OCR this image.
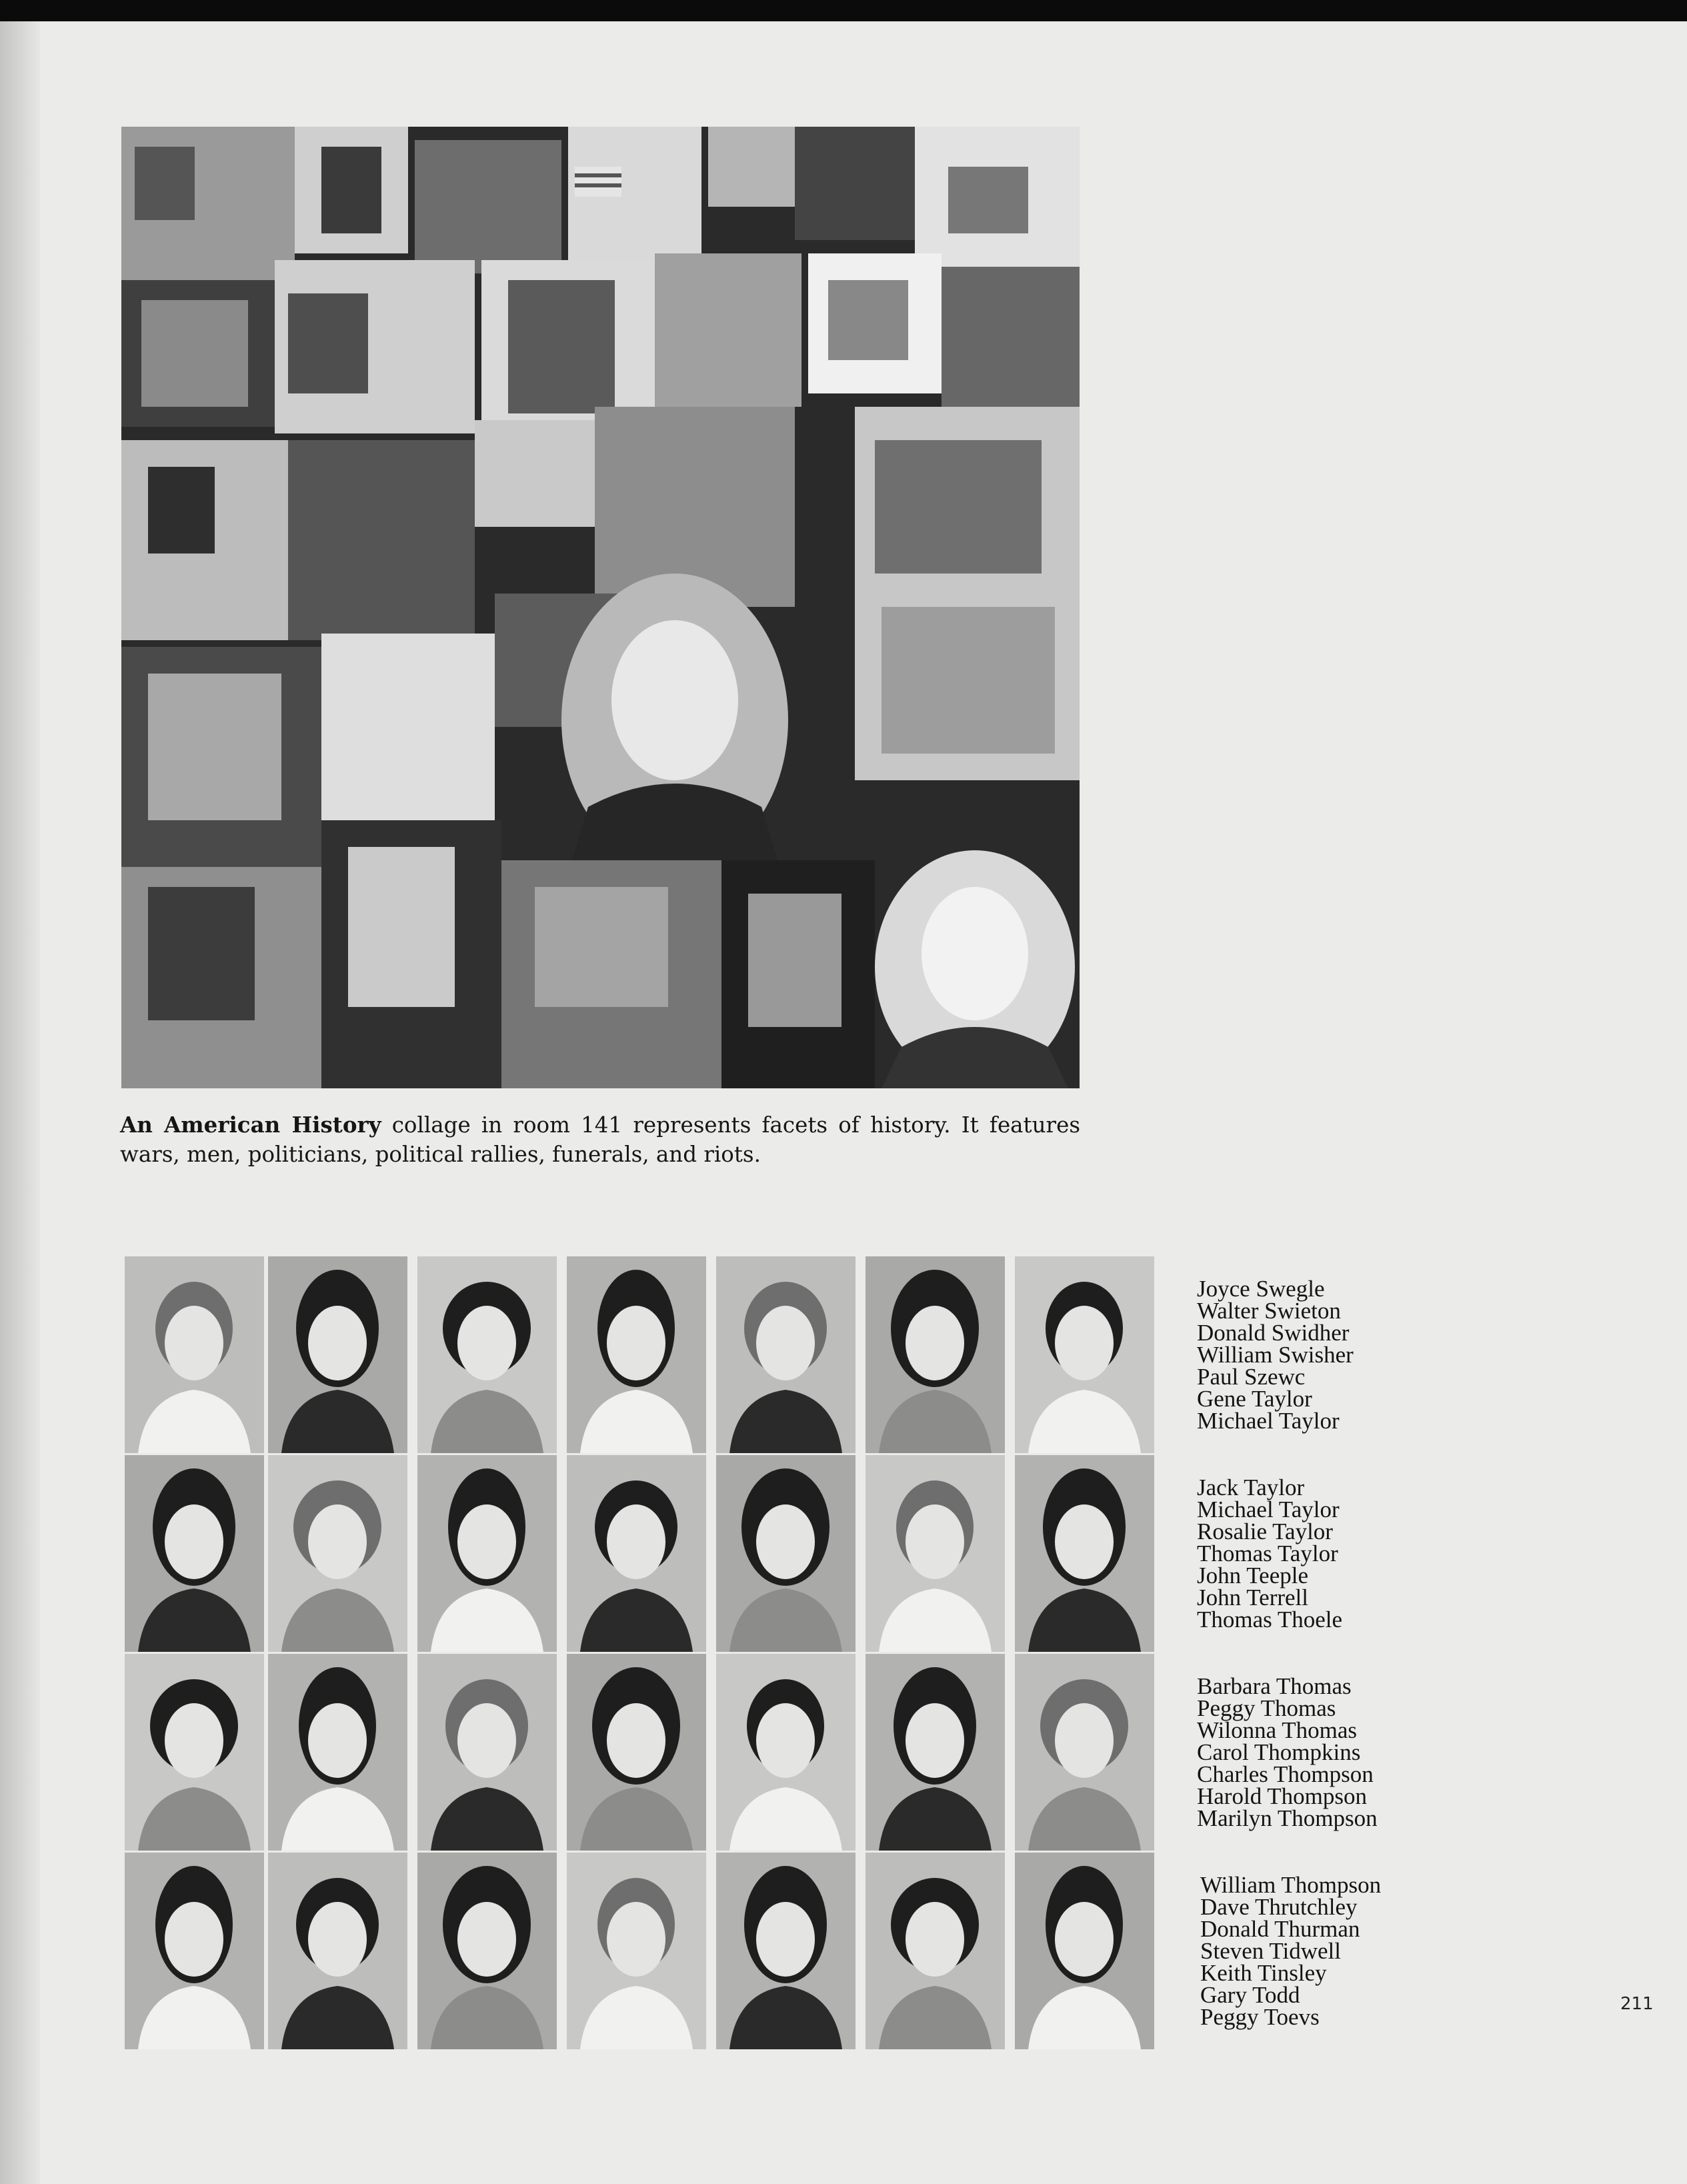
An American History collage in room 141 represents facets of history. It features wars, men, politicians, political rallies, funerals, and riots.
Joyce Swegle
Walter Swieton
Donald Swidher
William Swisher
Paul Szewc
Gene Taylor
Michael Taylor
Jack Taylor
Michael Taylor
Rosalie Taylor
Thomas Taylor
John Teeple
John Terrell
Thomas Thoele
Barbara Thomas
Peggy Thomas
Wilonna Thomas
Carol Thompkins
Charles Thompson
Harold Thompson
Marilyn Thompson
William Thompson
Dave Thrutchley
Donald Thurman
Steven Tidwell
Keith Tinsley
Gary Todd
Peggy Toevs	211
